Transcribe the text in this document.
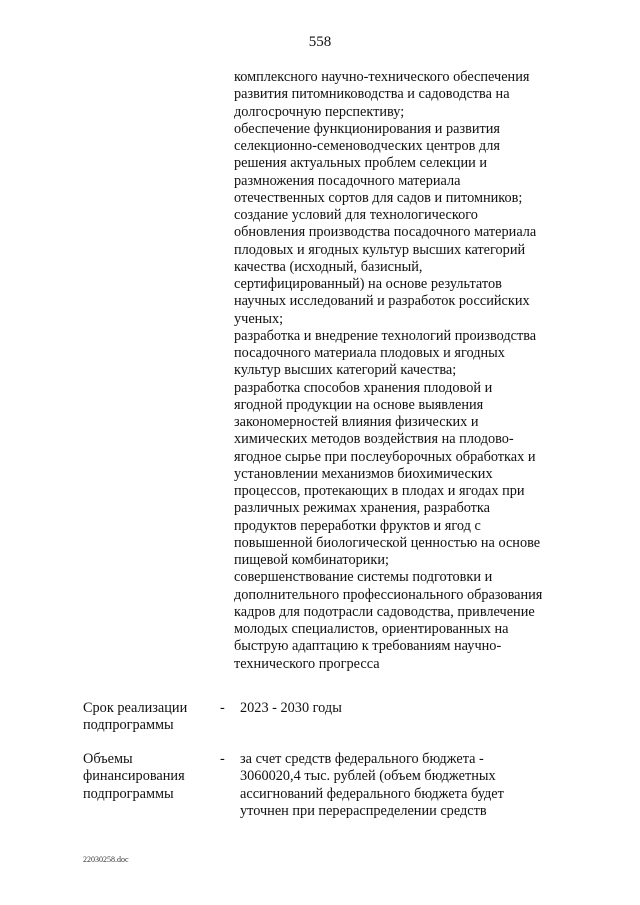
558
комплексного научно-технического обеспечения
развития питомниководства и садоводства на
долгосрочную перспективу;
обеспечение функционирования и развития
селекционно-семеноводческих центров для
решения актуальных проблем селекции и
размножения посадочного материала
отечественных сортов для садов и питомников;
создание условий для технологического
обновления производства посадочного материала
плодовых и ягодных культур высших категорий
качества (исходный, базисный,
сертифицированный) на основе результатов
научных исследований и разработок российских
ученых;
разработка и внедрение технологий производства
посадочного материала плодовых и ягодных
культур высших категорий качества;
разработка способов хранения плодовой и
ягодной продукции на основе выявления
закономерностей влияния физических и
химических методов воздействия на плодово-
ягодное сырье при послеуборочных обработках и
установлении механизмов биохимических
процессов, протекающих в плодах и ягодах при
различных режимах хранения, разработка
продуктов переработки фруктов и ягод с
повышенной биологической ценностью на основе
пищевой комбинаторики;
совершенствование системы подготовки и
дополнительного профессионального образования
кадров для подотрасли садоводства, привлечение
молодых специалистов, ориентированных на
быструю адаптацию к требованиям научно-
технического прогресса
Срок реализации
подпрограммы
- 2023 - 2030 годы
Объемы
финансирования
подпрограммы
- за счет средств федерального бюджета -
3060020,4 тыс. рублей (объем бюджетных
ассигнований федерального бюджета будет
уточнен при перераспределении средств
22030258.doc
